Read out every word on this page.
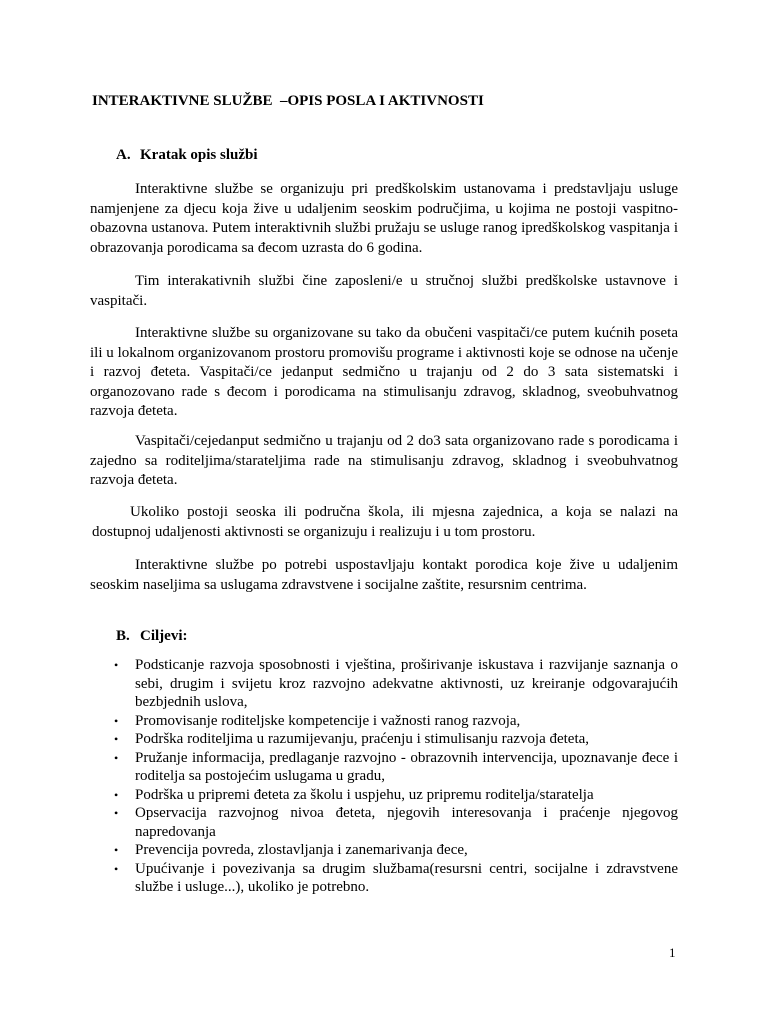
INTERAKTIVNE SLUŽBE  –OPIS POSLA I AKTIVNOSTI
A. Kratak opis službi

Interaktivne službe se organizuju pri predškolskim ustanovama i predstavljaju usluge namjenjene za djecu koja žive u udaljenim seoskim područjima, u kojima ne postoji vaspitno-obazovna ustanova. Putem interaktivnih službi pružaju se usluge ranog ipredškolskog vaspitanja i obrazovanja porodicama sa đecom uzrasta do 6 godina.

Tim interakativnih službi čine zaposleni/e u stručnoj službi predškolske ustavnove i vaspitači.

Interaktivne službe su organizovane su tako da obučeni vaspitači/ce putem kućnih poseta ili u lokalnom organizovanom prostoru promovišu programe i aktivnosti koje se odnose na učenje i razvoj đeteta. Vaspitači/ce jedanput sedmično u trajanju od 2 do 3 sata sistematski i organozovano rade s đecom i porodicama na stimulisanju zdravog, skladnog, sveobuhvatnog razvoja đeteta.

Vaspitači/cejedanput sedmično u trajanju od 2 do3 sata organizovano rade s porodicama i zajedno sa roditeljima/starateljima rade na stimulisanju zdravog, skladnog i sveobuhvatnog razvoja đeteta.

Ukoliko postoji seoska ili područna škola, ili mjesna zajednica, a koja se nalazi na dostupnoj udaljenosti aktivnosti se organizuju i realizuju i u tom prostoru.

Interaktivne službe po potrebi uspostavljaju kontakt porodica koje žive u udaljenim seoskim naseljima sa uslugama zdravstvene i socijalne zaštite, resursnim centrima.

B. Ciljevi:
•	Podsticanje razvoja sposobnosti i vještina, proširivanje iskustava i razvijanje saznanja o sebi, drugim i svijetu kroz razvojno adekvatne aktivnosti, uz kreiranje odgovarajućih bezbjednih uslova,
•	Promovisanje roditeljske kompetencije i važnosti ranog razvoja,
•	Podrška roditeljima u razumijevanju, praćenju i stimulisanju razvoja đeteta,
•	Pružanje informacija, predlaganje razvojno - obrazovnih intervencija, upoznavanje đece i roditelja sa postojećim uslugama u gradu,
•	Podrška u pripremi đeteta za školu i uspjehu, uz pripremu roditelja/staratelja
•	Opservacija razvojnog nivoa đeteta, njegovih interesovanja i praćenje njegovog napredovanja
•	Prevencija povreda, zlostavljanja i zanemarivanja đece,
•	Upućivanje i povezivanja sa drugim službama(resursni centri, socijalne i zdravstvene službe i usluge...), ukoliko je potrebno.
1
